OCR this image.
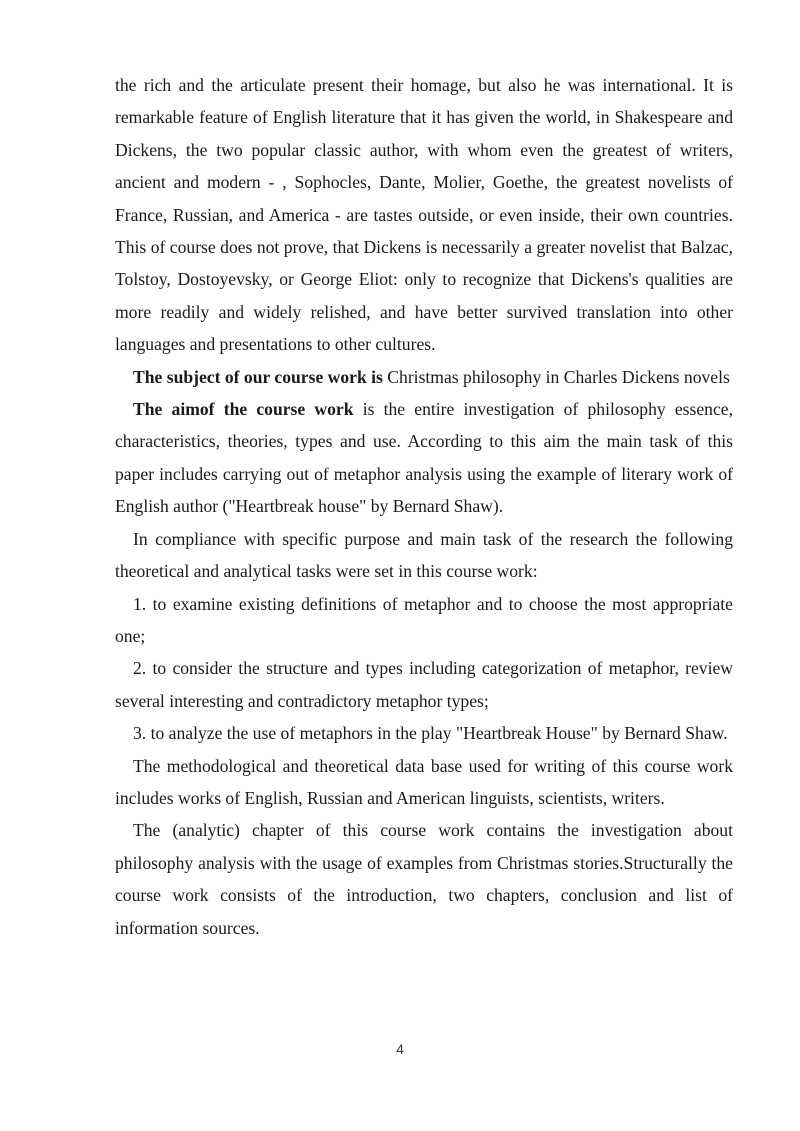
the rich and the articulate present their homage, but also he was international. It is remarkable feature of English literature that it has given the world, in Shakespeare and Dickens, the two popular classic author, with whom even the greatest of writers, ancient and modern - , Sophocles, Dante, Molier, Goethe, the greatest novelists of France, Russian, and America - are tastes outside, or even inside, their own countries. This of course does not prove, that Dickens is necessarily a greater novelist that Balzac, Tolstoy, Dostoyevsky, or George Eliot: only to recognize that Dickens's qualities are more readily and widely relished, and have better survived translation into other languages and presentations to other cultures.

The subject of our course work is Christmas philosophy in Charles Dickens novels

The aimof the course work is the entire investigation of philosophy essence, characteristics, theories, types and use. According to this aim the main task of this paper includes carrying out of metaphor analysis using the example of literary work of English author ("Heartbreak house" by Bernard Shaw).

In compliance with specific purpose and main task of the research the following theoretical and analytical tasks were set in this course work:

1. to examine existing definitions of metaphor and to choose the most appropriate one;

2. to consider the structure and types including categorization of metaphor, review several interesting and contradictory metaphor types;

3. to analyze the use of metaphors in the play "Heartbreak House" by Bernard Shaw.

The methodological and theoretical data base used for writing of this course work includes works of English, Russian and American linguists, scientists, writers.

The (analytic) chapter of this course work contains the investigation about philosophy analysis with the usage of examples from Christmas stories.Structurally the course work consists of the introduction, two chapters, conclusion and list of information sources.

4
